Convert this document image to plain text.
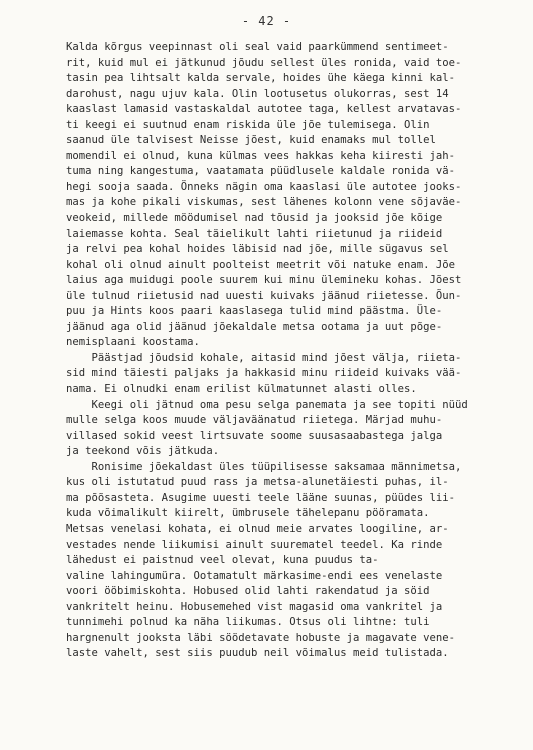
- 42 -
Kalda kõrgus veepinnast oli seal vaid paarkümmend sentimeet-
rit, kuid mul ei jätkunud jõudu sellest üles ronida, vaid toe-
tasin pea lihtsalt kalda servale, hoides ühe käega kinni kal-
darohust, nagu ujuv kala. Olin lootusetus olukorras, sest 14
kaaslast lamasid vastaskaldal autotee taga, kellest arvatavas-
ti keegi ei suutnud enam riskida üle jõe tulemisega. Olin
saanud üle talvisest Neisse jõest, kuid enamaks mul tollel
momendil ei olnud, kuna külmas vees hakkas keha kiiresti jah-
tuma ning kangestuma, vaatamata püüdlusele kaldale ronida vä-
hegi sooja saada. Önneks nägin oma kaaslasi üle autotee jooks-
mas ja kohe pikali viskumas, sest lähenes kolonn vene sõjaväe-
veokeid, millede möödumisel nad tõusid ja jooksid jõe kõige
laiemasse kohta. Seal täielikult lahti riietunud ja riideid
ja relvi pea kohal hoides läbisid nad jõe, mille sügavus sel
kohal oli olnud ainult poolteist meetrit või natuke enam. Jõe
laius aga muidugi poole suurem kui minu ülemineku kohas. Jõest
üle tulnud riietusid nad uuesti kuivaks jäänud riietesse. Õun-
puu ja Hints koos paari kaaslasega tulid mind päästma. Üle-
jäänud aga olid jäänud jõekaldale metsa ootama ja uut põge-
nemisplaani koostama.
Päästjad jõudsid kohale, aitasid mind jõest välja, riieta-
sid mind täiesti paljaks ja hakkasid minu riideid kuivaks vää-
nama. Ei olnudki enam erilist külmatunnet alasti olles.
Keegi oli jätnud oma pesu selga panemata ja see topiti nüüd
mulle selga koos muude väljaväänatud riietega. Märjad muhu-
villased sokid veest lirtsuvate soome suusasaabastega jalga
ja teekond võis jätkuda.
Ronisime jõekaldast üles tüüpilisesse saksamaa männimetsa,
kus oli istutatud puud rass ja metsa-alunetäiesti puhas, il-
ma põõsasteta. Asugime uuesti teele lääne suunas, püüdes lii-
kuda võimalikult kiirelt, ümbrusele tähelepanu pööramata.
Metsas venelasi kohata, ei olnud meie arvates loogiline, ar-
vestades nende liikumisi ainult suurematel teedel. Ka rinde
lähedust ei paistnud veel olevat, kuna puudus ta-
valine lahingumüra. Ootamatult märkasime-endi ees venelaste
voori ööbimiskohta. Hobused olid lahti rakendatud ja söid
vankritelt heinu. Hobusemehed vist magasid oma vankritel ja
tunnimehi polnud ka näha liikumas. Otsus oli lihtne: tuli
hargnenult jooksta läbi söödetavate hobuste ja magavate vene-
laste vahelt, sest siis puudub neil võimalus meid tulistada.
